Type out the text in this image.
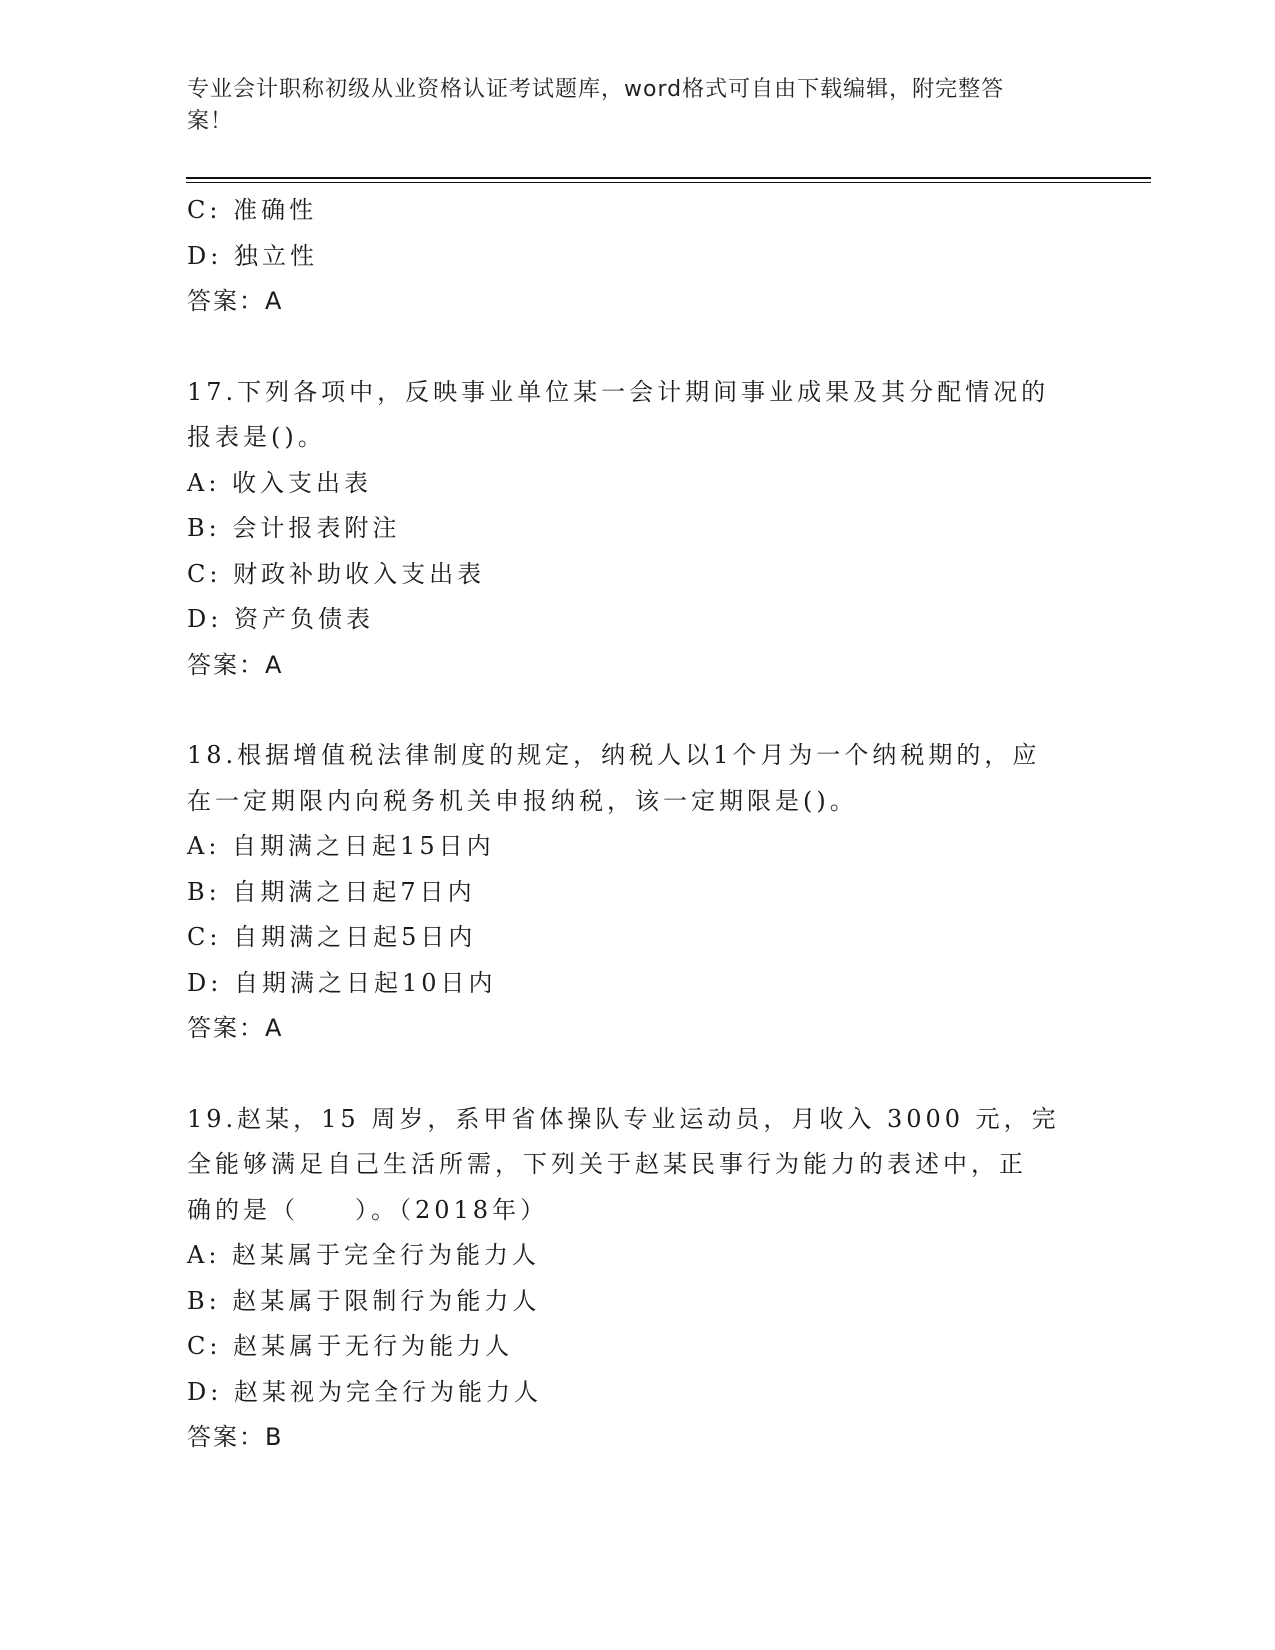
专业会计职称初级从业资格认证考试题库，word格式可自由下载编辑，附完整答
案！
C: 准确性
D: 独立性
答案：A
17.下列各项中，反映事业单位某一会计期间事业成果及其分配情况的
报表是()。
A: 收入支出表
B: 会计报表附注
C: 财政补助收入支出表
D: 资产负债表
答案：A
18.根据增值税法律制度的规定，纳税人以1个月为一个纳税期的，应
在一定期限内向税务机关申报纳税，该一定期限是()。
A: 自期满之日起15日内
B: 自期满之日起7日内
C: 自期满之日起5日内
D: 自期满之日起10日内
答案：A
19.赵某，15 周岁，系甲省体操队专业运动员，月收入 3000 元，完
全能够满足自己生活所需，下列关于赵某民事行为能力的表述中，正
确的是（　　）。（2018年）
A: 赵某属于完全行为能力人
B: 赵某属于限制行为能力人
C: 赵某属于无行为能力人
D: 赵某视为完全行为能力人
答案：B
